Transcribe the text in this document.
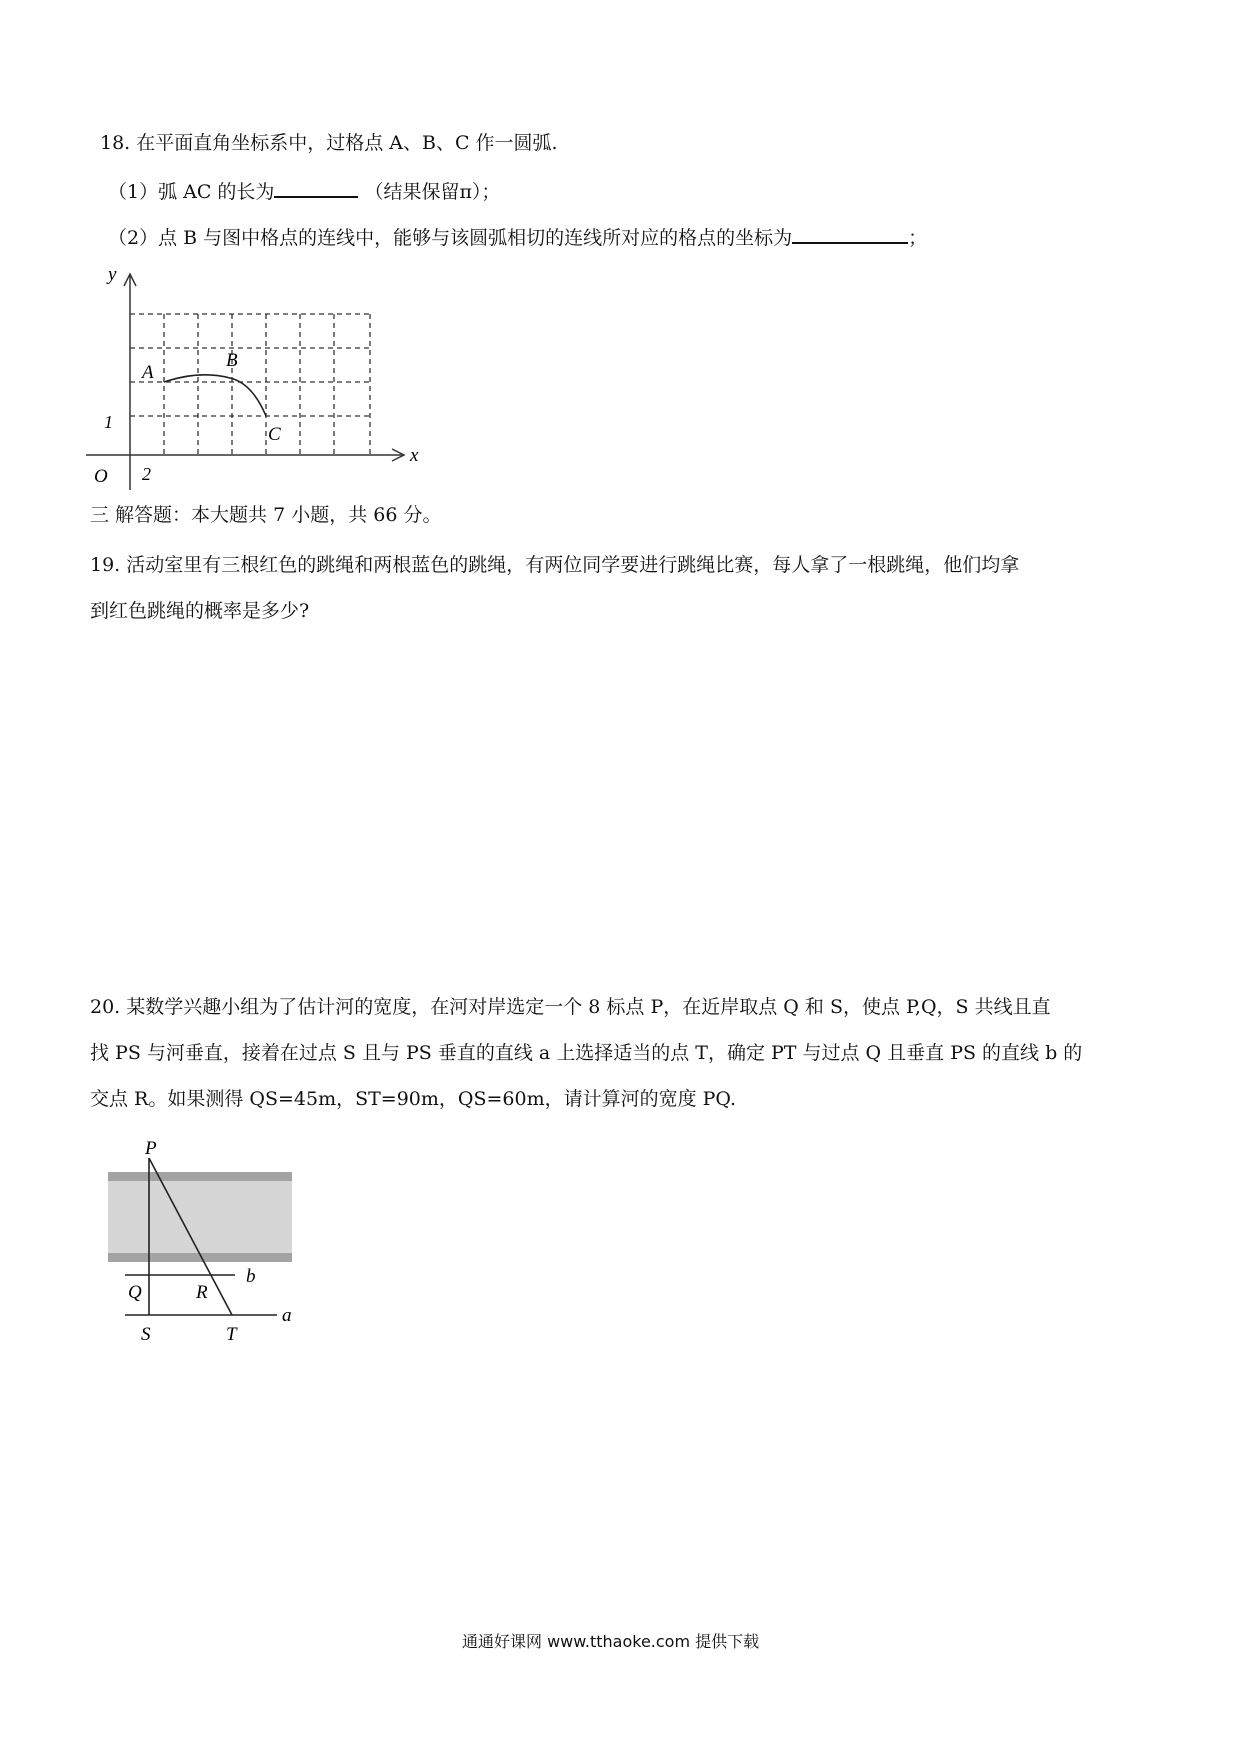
18. 在平面直角坐标系中，过格点 A、B、C 作一圆弧.
（1）弧 AC 的长为	（结果保留π）；
（2）点 B 与图中格点的连线中，能够与该圆弧相切的连线所对应的格点的坐标为	；
y
x
O
1
2
A
B
C
三 解答题：本大题共 7 小题，共 66 分。
19. 活动室里有三根红色的跳绳和两根蓝色的跳绳，有两位同学要进行跳绳比赛，每人拿了一根跳绳，他们均拿
到红色跳绳的概率是多少?
20. 某数学兴趣小组为了估计河的宽度，在河对岸选定一个 8 标点 P，在近岸取点 Q 和 S，使点 P,Q，S 共线且直
找 PS 与河垂直，接着在过点 S 且与 PS 垂直的直线 a 上选择适当的点 T，确定 PT 与过点 Q 且垂直 PS 的直线 b 的
交点 R。如果测得 QS=45m，ST=90m，QS=60m，请计算河的宽度 PQ.
P
Q	R
b
S	T
a
通通好课网 www.tthaoke.com 提供下载
